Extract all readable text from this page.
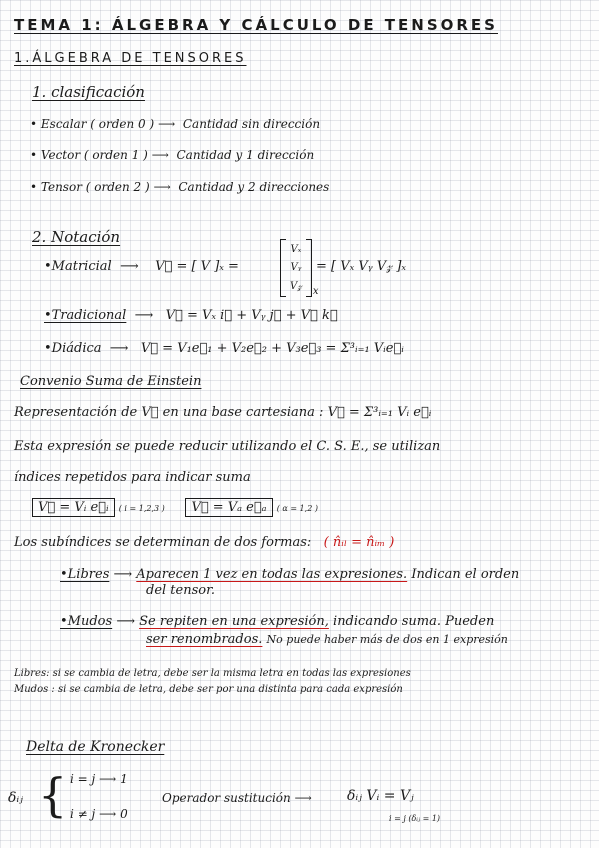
TEMA 1: ÁLGEBRA Y CÁLCULO DE TENSORES
1.ÁLGEBRA DE TENSORES
1. clasificación
• Escalar ( orden 0 ) ⟶ Cantidad sin dirección
• Vector ( orden 1 ) ⟶ Cantidad y 1 dirección
• Tensor ( orden 2 ) ⟶ Cantidad y 2 direcciones
2. Notación
•Matricial ⟶ V⃗ = [ V ]ₓ =
Vₓ
Vᵧ
V𝓏 x
= [ Vₓ Vᵧ V𝓏 ]ₓ
•Tradicional ⟶ V⃗ = Vₓ i⃗ + Vᵧ j⃗ + V𝓏 k⃗
•Diádica ⟶ V⃗ = V₁e⃗₁ + V₂e⃗₂ + V₃e⃗₃ = Σ³ᵢ₌₁ Vᵢe⃗ᵢ
Convenio Suma de Einstein
Representación de V⃗ en una base cartesiana : V⃗ = Σ³ᵢ₌₁ Vᵢ e⃗ᵢ
Esta expresión se puede reducir utilizando el C. S. E., se utilizan
índices repetidos para indicar suma
V⃗ = Vᵢ e⃗ᵢ ( i = 1,2,3 ) V⃗ = Vₐ e⃗ₐ ( α = 1,2 )
Los subíndices se determinan de dos formas: ( n̂ᵢₗ = n̂ᵢₘ )
•Libres ⟶ Aparecen 1 vez en todas las expresiones. Indican el orden
del tensor.
•Mudos ⟶ Se repiten en una expresión, indicando suma. Pueden
ser renombrados. No puede haber más de dos en 1 expresión
Libres: si se cambia de letra, debe ser la misma letra en todas las expresiones
Mudos : si se cambia de letra, debe ser por una distinta para cada expresión
Delta de Kronecker
δᵢⱼ { i = j ⟶ 1
i ≠ j ⟶ 0
Operador sustitución ⟶	δᵢⱼ Vᵢ = Vⱼ
i = j (δᵢⱼ = 1)
